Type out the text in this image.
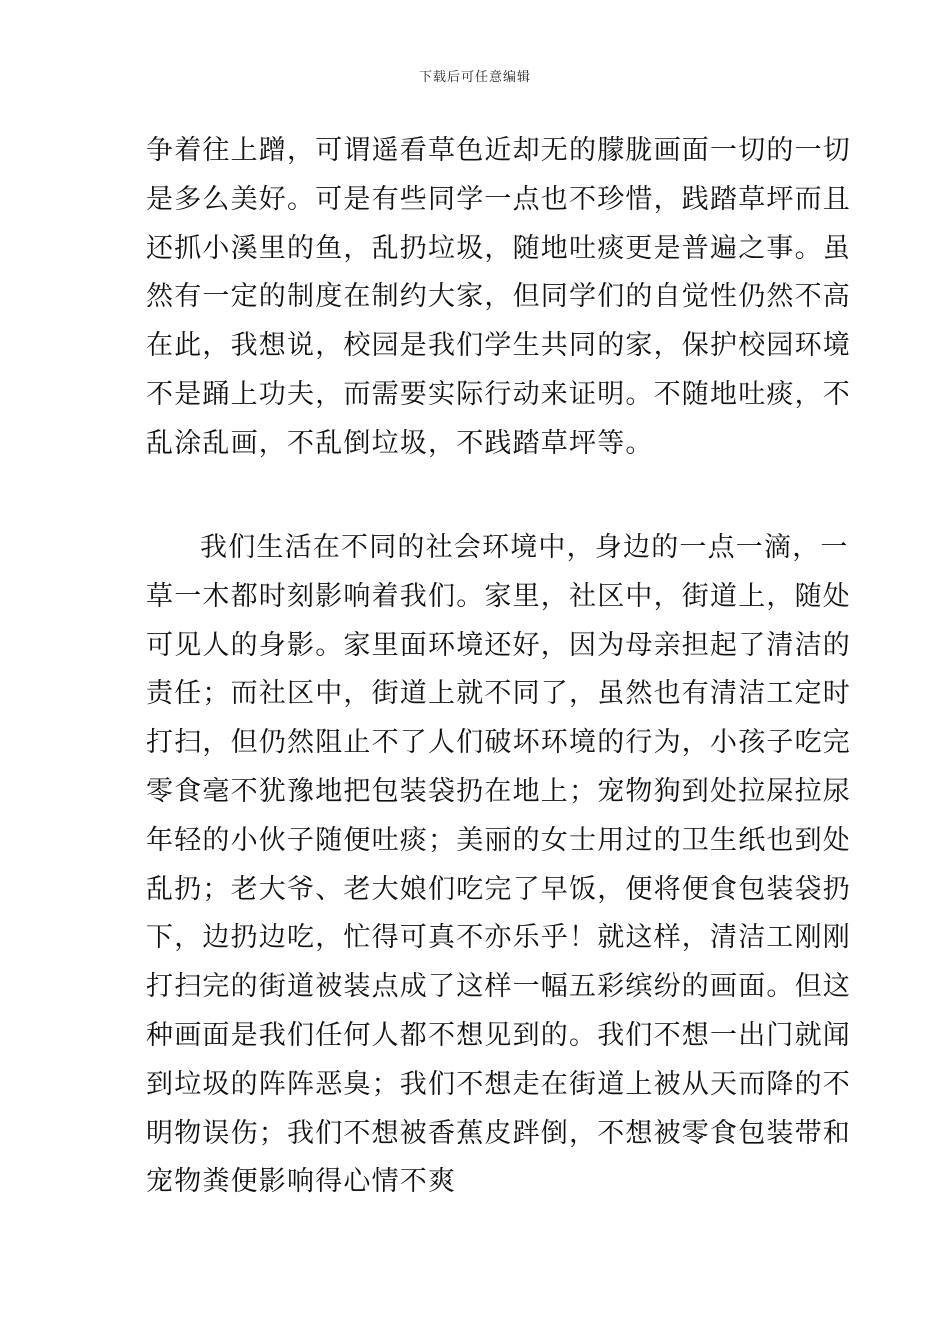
下载后可任意编辑
争着往上蹭，可谓遥看草色近却无的朦胧画面一切的一切
是多么美好。可是有些同学一点也不珍惜，践踏草坪而且
还抓小溪里的鱼，乱扔垃圾，随地吐痰更是普遍之事。虽
然有一定的制度在制约大家，但同学们的自觉性仍然不高
在此，我想说，校园是我们学生共同的家，保护校园环境
不是踊上功夫，而需要实际行动来证明。不随地吐痰，不
乱涂乱画，不乱倒垃圾，不践踏草坪等。
我们生活在不同的社会环境中，身边的一点一滴，一
草一木都时刻影响着我们。家里，社区中，街道上，随处
可见人的身影。家里面环境还好，因为母亲担起了清洁的
责任；而社区中，街道上就不同了，虽然也有清洁工定时
打扫，但仍然阻止不了人们破坏环境的行为，小孩子吃完
零食毫不犹豫地把包装袋扔在地上；宠物狗到处拉屎拉尿
年轻的小伙子随便吐痰；美丽的女士用过的卫生纸也到处
乱扔；老大爷、老大娘们吃完了早饭，便将便食包装袋扔
下，边扔边吃，忙得可真不亦乐乎！就这样，清洁工刚刚
打扫完的街道被装点成了这样一幅五彩缤纷的画面。但这
种画面是我们任何人都不想见到的。我们不想一出门就闻
到垃圾的阵阵恶臭；我们不想走在街道上被从天而降的不
明物误伤；我们不想被香蕉皮跘倒，不想被零食包装带和
宠物粪便影响得心情不爽
